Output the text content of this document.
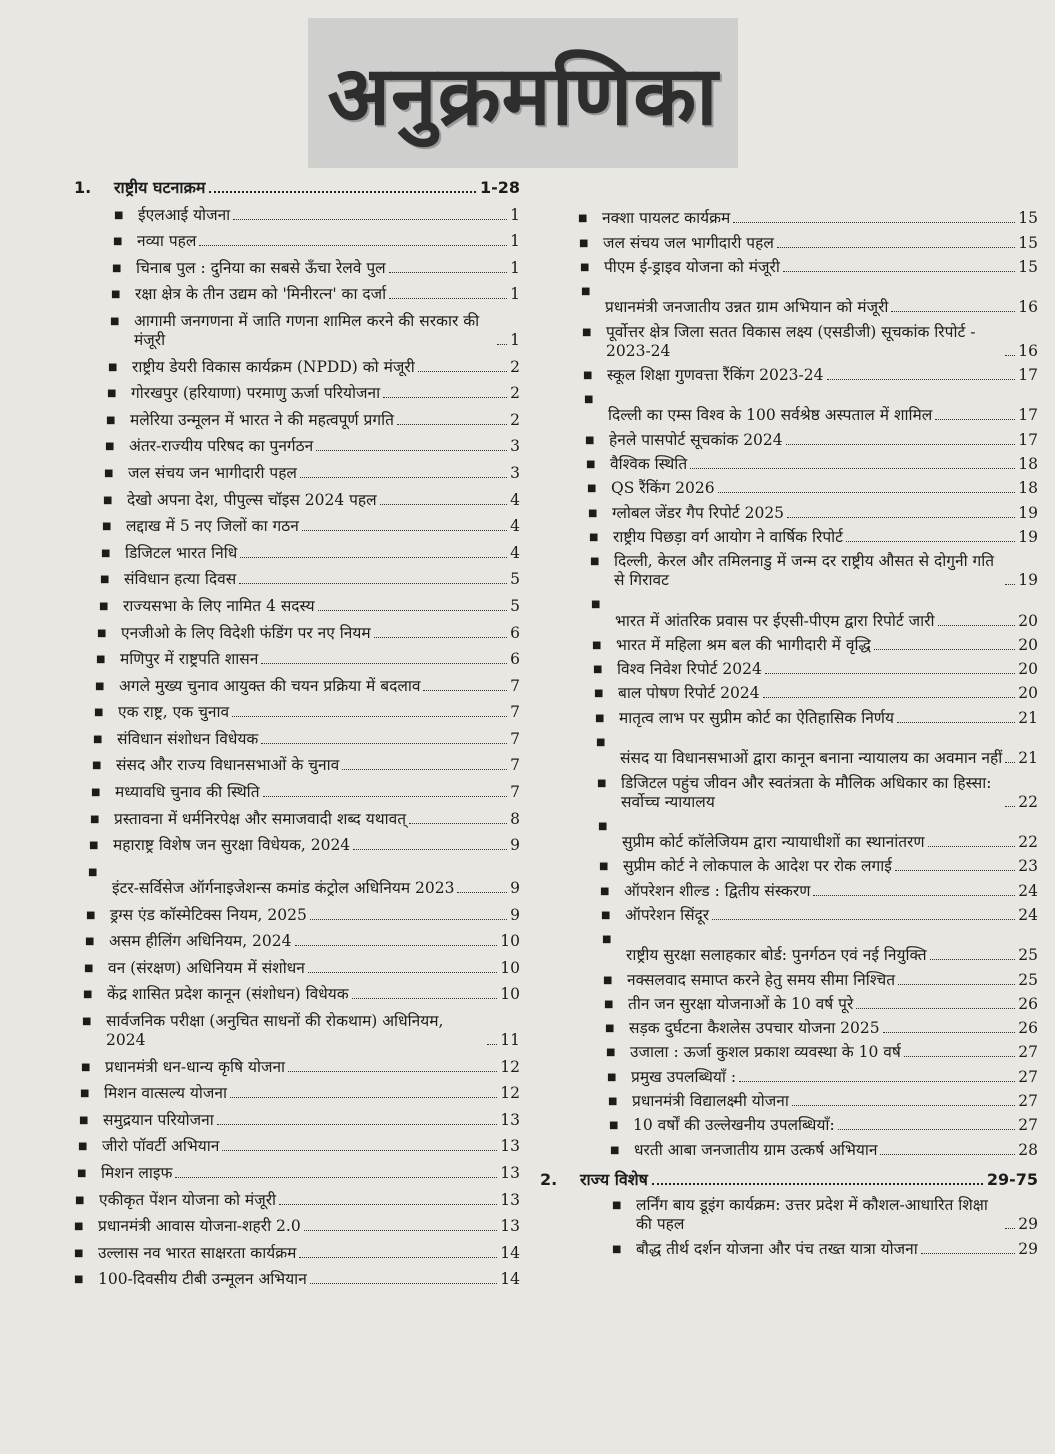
अनुक्रमणिका
1.	राष्ट्रीय घटनाक्रम	1-28
■ ईएलआई योजना	1
■ नव्या पहल	1
■ चिनाब पुल : दुनिया का सबसे ऊँचा रेलवे पुल	1
■ रक्षा क्षेत्र के तीन उद्यम को 'मिनीरत्न' का दर्जा	1
■ आगामी जनगणना में जाति गणना शामिल करने की सरकार की मंजूरी	1
■ राष्ट्रीय डेयरी विकास कार्यक्रम (NPDD) को मंजूरी	2
■ गोरखपुर (हरियाणा) परमाणु ऊर्जा परियोजना	2
■ मलेरिया उन्मूलन में भारत ने की महत्वपूर्ण प्रगति	2
■ अंतर-राज्यीय परिषद का पुनर्गठन	3
■ जल संचय जन भागीदारी पहल	3
■ देखो अपना देश, पीपुल्स चॉइस 2024 पहल	4
■ लद्दाख में 5 नए जिलों का गठन	4
■ डिजिटल भारत निधि	4
■ संविधान हत्या दिवस	5
■ राज्यसभा के लिए नामित 4 सदस्य	5
■ एनजीओ के लिए विदेशी फंडिंग पर नए नियम	6
■ मणिपुर में राष्ट्रपति शासन	6
■ अगले मुख्य चुनाव आयुक्त की चयन प्रक्रिया में बदलाव	7
■ एक राष्ट्र, एक चुनाव	7
■ संविधान संशोधन विधेयक	7
■ संसद और राज्य विधानसभाओं के चुनाव	7
■ मध्यावधि चुनाव की स्थिति	7
■ प्रस्तावना में धर्मनिरपेक्ष और समाजवादी शब्द यथावत्	8
■ महाराष्ट्र विशेष जन सुरक्षा विधेयक, 2024	9
■
इंटर-सर्विसेज ऑर्गनाइजेशन्स कमांड कंट्रोल अधिनियम 2023	9
■ ड्रग्स एंड कॉस्मेटिक्स नियम, 2025	9
■ असम हीलिंग अधिनियम, 2024	10
■ वन (संरक्षण) अधिनियम में संशोधन	10
■ केंद्र शासित प्रदेश कानून (संशोधन) विधेयक	10
■ सार्वजनिक परीक्षा (अनुचित साधनों की रोकथाम) अधिनियम, 2024	11
■ प्रधानमंत्री धन-धान्य कृषि योजना	12
■ मिशन वात्सल्य योजना	12
■ समुद्रयान परियोजना	13
■ जीरो पॉवर्टी अभियान	13
■ मिशन लाइफ	13
■ एकीकृत पेंशन योजना को मंजूरी	13
■ प्रधानमंत्री आवास योजना-शहरी 2.0	13
■ उल्लास नव भारत साक्षरता कार्यक्रम	14
■ 100-दिवसीय टीबी उन्मूलन अभियान	14
■ नक्शा पायलट कार्यक्रम	15
■ जल संचय जल भागीदारी पहल	15
■ पीएम ई-ड्राइव योजना को मंजूरी	15
■
प्रधानमंत्री जनजातीय उन्नत ग्राम अभियान को मंजूरी	16
■ पूर्वोत्तर क्षेत्र जिला सतत विकास लक्ष्य (एसडीजी) सूचकांक रिपोर्ट - 2023-24	16
■ स्कूल शिक्षा गुणवत्ता रैंकिंग 2023-24	17
■
दिल्ली का एम्स विश्व के 100 सर्वश्रेष्ठ अस्पताल में शामिल	17
■ हेनले पासपोर्ट सूचकांक 2024	17
■ वैश्विक स्थिति	18
■ QS रैंकिंग 2026	18
■ ग्लोबल जेंडर गैप रिपोर्ट 2025	19
■ राष्ट्रीय पिछड़ा वर्ग आयोग ने वार्षिक रिपोर्ट	19
■ दिल्ली, केरल और तमिलनाडु में जन्म दर राष्ट्रीय औसत से दोगुनी गति से गिरावट	19
■
भारत में आंतरिक प्रवास पर ईएसी-पीएम द्वारा रिपोर्ट जारी	20
■ भारत में महिला श्रम बल की भागीदारी में वृद्धि	20
■ विश्व निवेश रिपोर्ट 2024	20
■ बाल पोषण रिपोर्ट 2024	20
■ मातृत्व लाभ पर सुप्रीम कोर्ट का ऐतिहासिक निर्णय	21
■
संसद या विधानसभाओं द्वारा कानून बनाना न्यायालय का अवमान नहीं 21
■ डिजिटल पहुंच जीवन और स्वतंत्रता के मौलिक अधिकार का हिस्सा: सर्वोच्च न्यायालय	22
■
सुप्रीम कोर्ट कॉलेजियम द्वारा न्यायाधीशों का स्थानांतरण	22
■ सुप्रीम कोर्ट ने लोकपाल के आदेश पर रोक लगाई	23
■ ऑपरेशन शील्ड : द्वितीय संस्करण	24
■ ऑपरेशन सिंदूर	24
■
राष्ट्रीय सुरक्षा सलाहकार बोर्ड: पुनर्गठन एवं नई नियुक्ति	25
■ नक्सलवाद समाप्त करने हेतु समय सीमा निश्चित	25
■ तीन जन सुरक्षा योजनाओं के 10 वर्ष पूरे	26
■ सड़क दुर्घटना कैशलेस उपचार योजना 2025	26
■ उजाला : ऊर्जा कुशल प्रकाश व्यवस्था के 10 वर्ष	27
■ प्रमुख उपलब्धियाँ :	27
■ प्रधानमंत्री विद्यालक्ष्मी योजना	27
■ 10 वर्षों की उल्लेखनीय उपलब्धियाँ:	27
■ धरती आबा जनजातीय ग्राम उत्कर्ष अभियान	28
2.	राज्य विशेष	29-75
■ लर्निंग बाय डूइंग कार्यक्रम: उत्तर प्रदेश में कौशल-आधारित शिक्षा की पहल	29
■ बौद्ध तीर्थ दर्शन योजना और पंच तख्त यात्रा योजना	29
